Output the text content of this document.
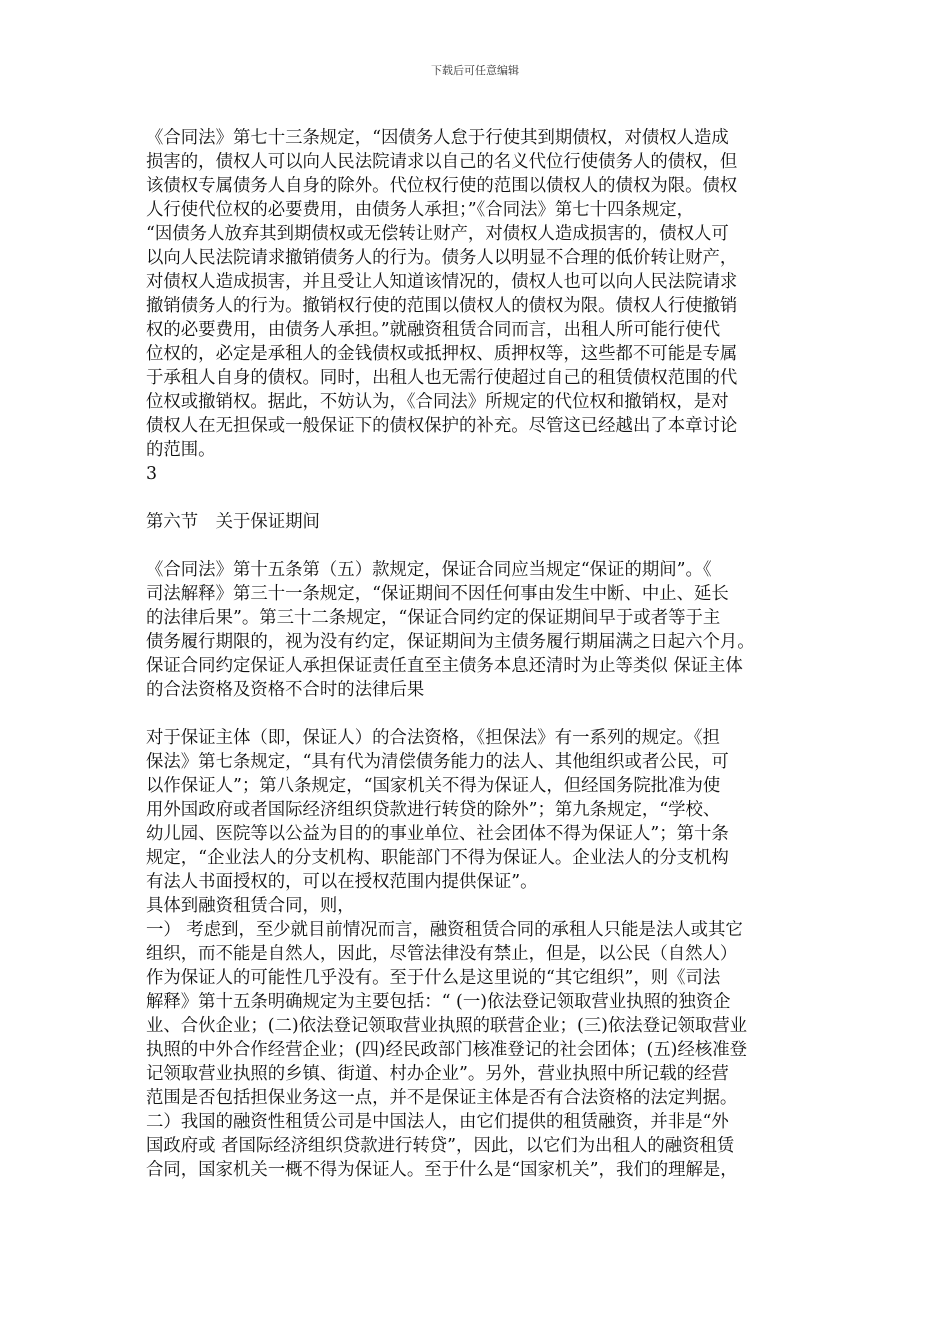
下载后可任意编辑
《合同法》第七十三条规定，“因债务人怠于行使其到期债权，对债权人造成
损害的，债权人可以向人民法院请求以自己的名义代位行使债务人的债权，但
该债权专属债务人自身的除外。代位权行使的范围以债权人的债权为限。债权
人行使代位权的必要费用，由债务人承担；”《合同法》第七十四条规定，
“因债务人放弃其到期债权或无偿转让财产，对债权人造成损害的，债权人可
以向人民法院请求撤销债务人的行为。债务人以明显不合理的低价转让财产，
对债权人造成损害，并且受让人知道该情况的，债权人也可以向人民法院请求
撤销债务人的行为。撤销权行使的范围以债权人的债权为限。债权人行使撤销
权的必要费用，由债务人承担。”就融资租赁合同而言，出租人所可能行使代
位权的，必定是承租人的金钱债权或抵押权、质押权等，这些都不可能是专属
于承租人自身的债权。同时，出租人也无需行使超过自己的租赁债权范围的代
位权或撤销权。据此，不妨认为，《合同法》所规定的代位权和撤销权，是对
债权人在无担保或一般保证下的债权保护的补充。尽管这已经越出了本章讨论
的范围。
3
第六节　关于保证期间
《合同法》第十五条第（五）款规定，保证合同应当规定“保证的期间”。《
司法解释》第三十一条规定，“保证期间不因任何事由发生中断、中止、延长
的法律后果”。第三十二条规定，“保证合同约定的保证期间早于或者等于主
债务履行期限的，视为没有约定，保证期间为主债务履行期届满之日起六个月。
保证合同约定保证人承担保证责任直至主债务本息还清时为止等类似 保证主体
的合法资格及资格不合时的法律后果
对于保证主体（即，保证人）的合法资格，《担保法》有一系列的规定。《担
保法》第七条规定，“具有代为清偿债务能力的法人、其他组织或者公民，可
以作保证人”；第八条规定，“国家机关不得为保证人，但经国务院批准为使
用外国政府或者国际经济组织贷款进行转贷的除外”；第九条规定，“学校、
幼儿园、医院等以公益为目的的事业单位、社会团体不得为保证人”；第十条
规定，“企业法人的分支机构、职能部门不得为保证人。企业法人的分支机构
有法人书面授权的，可以在授权范围内提供保证”。
具体到融资租赁合同，则，
一） 考虑到，至少就目前情况而言，融资租赁合同的承租人只能是法人或其它
组织，而不能是自然人，因此，尽管法律没有禁止，但是，以公民（自然人）
作为保证人的可能性几乎没有。至于什么是这里说的“其它组织”，则《司法
解释》第十五条明确规定为主要包括：“ (一)依法登记领取营业执照的独资企
业、合伙企业；(二)依法登记领取营业执照的联营企业；(三)依法登记领取营业
执照的中外合作经营企业；(四)经民政部门核准登记的社会团体；(五)经核准登
记领取营业执照的乡镇、街道、村办企业”。另外，营业执照中所记载的经营
范围是否包括担保业务这一点，并不是保证主体是否有合法资格的法定判据。
二）我国的融资性租赁公司是中国法人，由它们提供的租赁融资，并非是“外
国政府或 者国际经济组织贷款进行转贷”，因此，以它们为出租人的融资租赁
合同，国家机关一概不得为保证人。至于什么是“国家机关”，我们的理解是，
